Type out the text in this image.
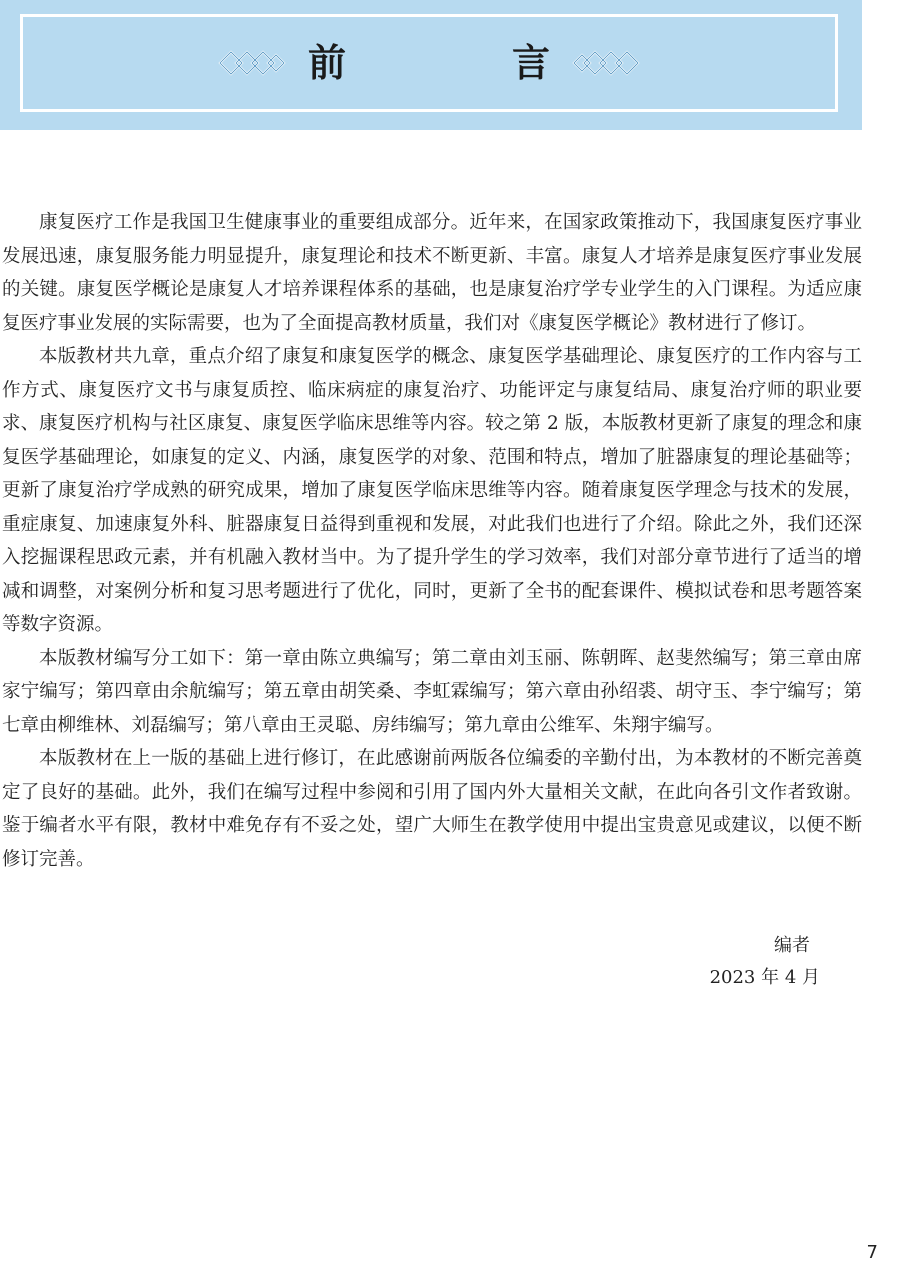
前　言

康复医疗工作是我国卫生健康事业的重要组成部分。近年来，在国家政策推动下，我国康复医疗事业发展迅速，康复服务能力明显提升，康复理论和技术不断更新、丰富。康复人才培养是康复医疗事业发展的关键。康复医学概论是康复人才培养课程体系的基础，也是康复治疗学专业学生的入门课程。为适应康复医疗事业发展的实际需要，也为了全面提高教材质量，我们对《康复医学概论》教材进行了修订。

本版教材共九章，重点介绍了康复和康复医学的概念、康复医学基础理论、康复医疗的工作内容与工作方式、康复医疗文书与康复质控、临床病症的康复治疗、功能评定与康复结局、康复治疗师的职业要求、康复医疗机构与社区康复、康复医学临床思维等内容。较之第 2 版，本版教材更新了康复的理念和康复医学基础理论，如康复的定义、内涵，康复医学的对象、范围和特点，增加了脏器康复的理论基础等；更新了康复治疗学成熟的研究成果，增加了康复医学临床思维等内容。随着康复医学理念与技术的发展，重症康复、加速康复外科、脏器康复日益得到重视和发展，对此我们也进行了介绍。除此之外，我们还深入挖掘课程思政元素，并有机融入教材当中。为了提升学生的学习效率，我们对部分章节进行了适当的增减和调整，对案例分析和复习思考题进行了优化，同时，更新了全书的配套课件、模拟试卷和思考题答案等数字资源。

本版教材编写分工如下：第一章由陈立典编写；第二章由刘玉丽、陈朝晖、赵斐然编写；第三章由席家宁编写；第四章由余航编写；第五章由胡笑桑、李虹霖编写；第六章由孙绍裘、胡守玉、李宁编写；第七章由柳维林、刘磊编写；第八章由王灵聪、房纬编写；第九章由公维军、朱翔宇编写。

本版教材在上一版的基础上进行修订，在此感谢前两版各位编委的辛勤付出，为本教材的不断完善奠定了良好的基础。此外，我们在编写过程中参阅和引用了国内外大量相关文献，在此向各引文作者致谢。鉴于编者水平有限，教材中难免存有不妥之处，望广大师生在教学使用中提出宝贵意见或建议，以便不断修订完善。

编者
2023 年 4 月
7
